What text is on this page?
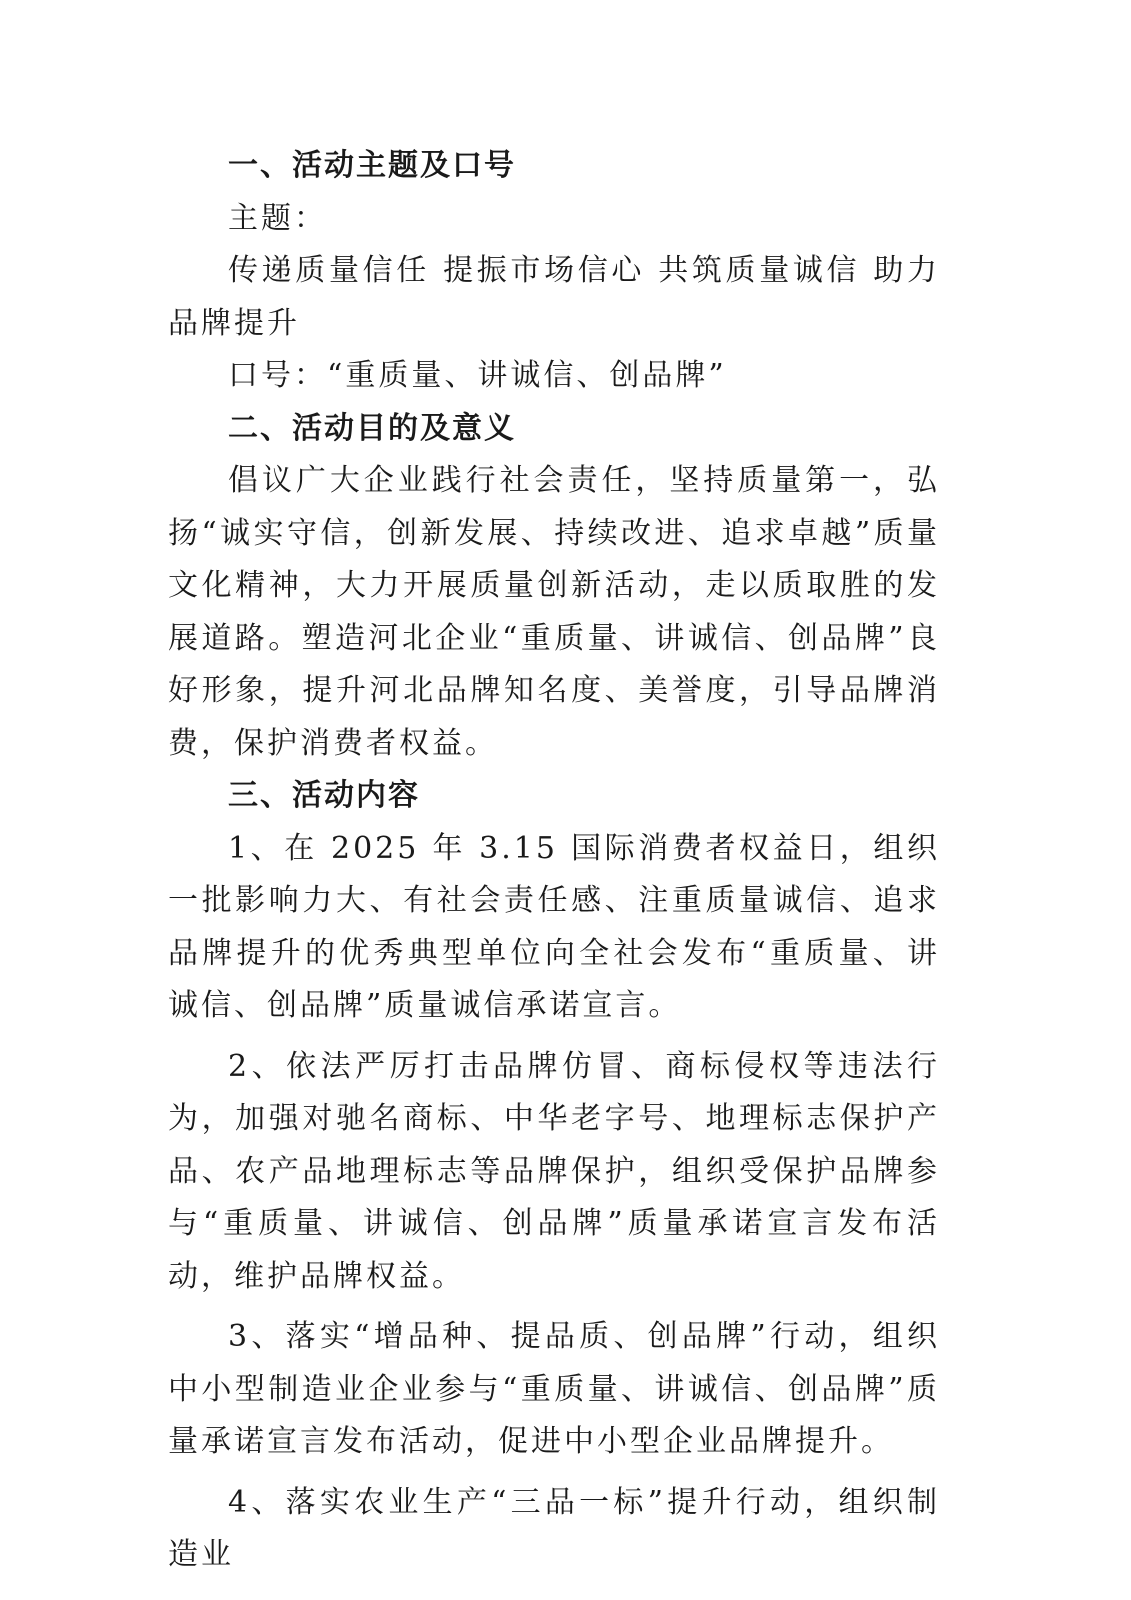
一、活动主题及口号

主题：

传递质量信任 提振市场信心 共筑质量诚信 助力品牌提升

口号：“重质量、讲诚信、创品牌”

二、活动目的及意义

倡议广大企业践行社会责任，坚持质量第一，弘扬“诚实守信，创新发展、持续改进、追求卓越”质量文化精神，大力开展质量创新活动，走以质取胜的发展道路。塑造河北企业“重质量、讲诚信、创品牌”良好形象，提升河北品牌知名度、美誉度，引导品牌消费，保护消费者权益。

三、活动内容

1、在 2025 年 3.15 国际消费者权益日，组织一批影响力大、有社会责任感、注重质量诚信、追求品牌提升的优秀典型单位向全社会发布“重质量、讲诚信、创品牌”质量诚信承诺宣言。

2、依法严厉打击品牌仿冒、商标侵权等违法行为，加强对驰名商标、中华老字号、地理标志保护产品、农产品地理标志等品牌保护，组织受保护品牌参与“重质量、讲诚信、创品牌”质量承诺宣言发布活动，维护品牌权益。

3、落实“增品种、提品质、创品牌”行动，组织中小型制造业企业参与“重质量、讲诚信、创品牌”质量承诺宣言发布活动，促进中小型企业品牌提升。

4、落实农业生产“三品一标”提升行动，组织制造业
